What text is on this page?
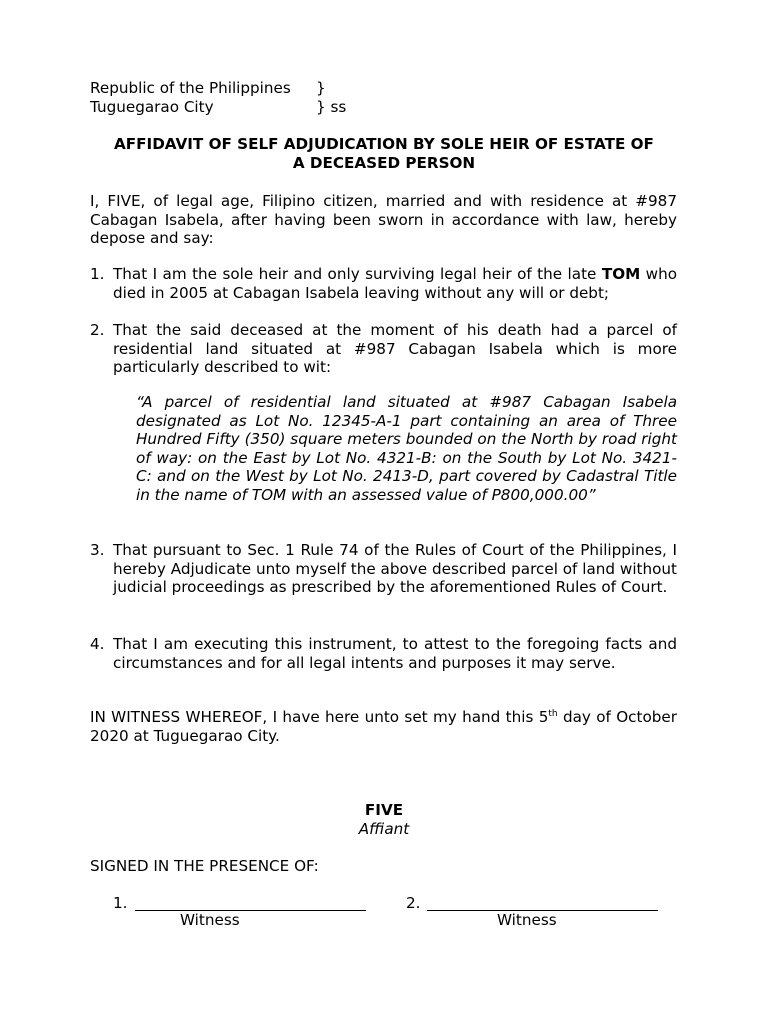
Republic of the Philippines }
Tuguegarao City	} ss
AFFIDAVIT OF SELF ADJUDICATION BY SOLE HEIR OF ESTATE OF
A DECEASED PERSON
I, FIVE, of legal age, Filipino citizen, married and with residence at #987 Cabagan Isabela, after having been sworn in accordance with law, hereby depose and say:
1. That I am the sole heir and only surviving legal heir of the late TOM who died in 2005 at Cabagan Isabela leaving without any will or debt;
2. That the said deceased at the moment of his death had a parcel of residential land situated at #987 Cabagan Isabela which is more particularly described to wit:
“A parcel of residential land situated at #987 Cabagan Isabela designated as Lot No. 12345-A-1 part containing an area of Three Hundred Fifty (350) square meters bounded on the North by road right of way: on the East by Lot No. 4321-B: on the South by Lot No. 3421-C: and on the West by Lot No. 2413-D, part covered by Cadastral Title in the name of TOM with an assessed value of P800,000.00”
3. That pursuant to Sec. 1 Rule 74 of the Rules of Court of the Philippines, I hereby Adjudicate unto myself the above described parcel of land without judicial proceedings as prescribed by the aforementioned Rules of Court.
4. That I am executing this instrument, to attest to the foregoing facts and circumstances and for all legal intents and purposes it may serve.
IN WITNESS WHEREOF, I have here unto set my hand this 5th day of October 2020 at Tuguegarao City.
FIVE
Affiant
SIGNED IN THE PRESENCE OF:
1.
Witness
2.
Witness
